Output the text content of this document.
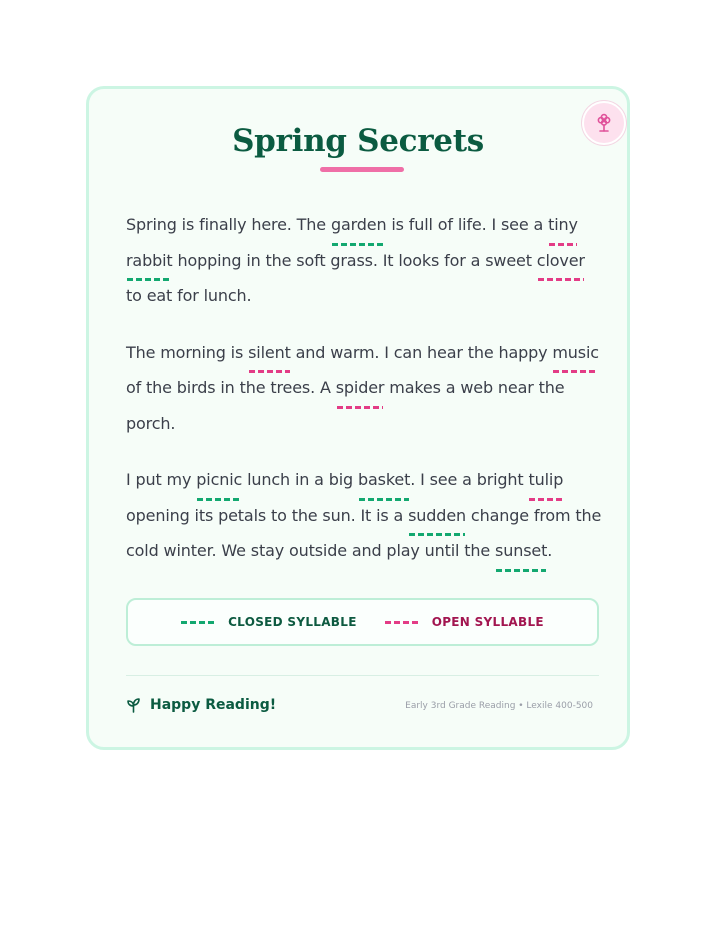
Spring Secrets

Spring is finally here. The garden is full of life. I see a tiny
rabbit hopping in the soft grass. It looks for a sweet clover
to eat for lunch.

The morning is silent and warm. I can hear the happy music
of the birds in the trees. A spider makes a web near the
porch.

I put my picnic lunch in a big basket. I see a bright tulip
opening its petals to the sun. It is a sudden change from the
cold winter. We stay outside and play until the sunset.

CLOSED SYLLABLE	OPEN SYLLABLE
Happy Reading!	Early 3rd Grade Reading • Lexile 400-500
